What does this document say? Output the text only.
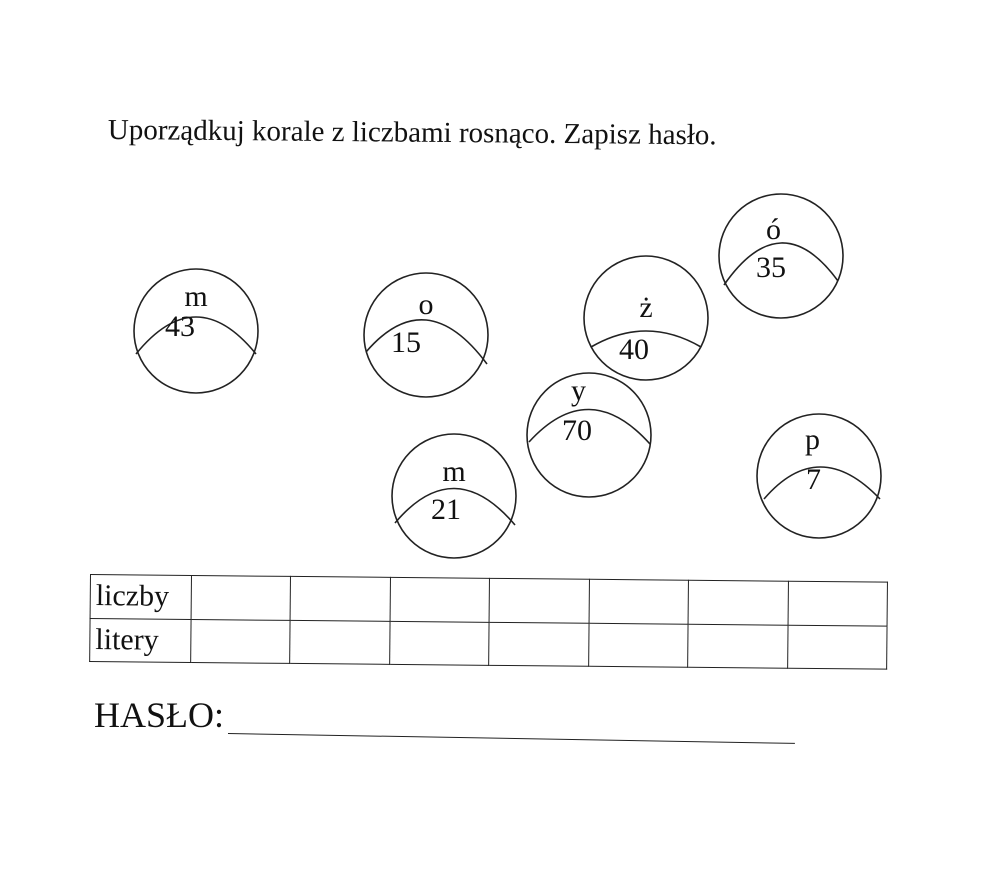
Uporządkuj korale z liczbami rosnąco. Zapisz hasło.
m
43
o
15
ż
40
ó
35
y
70
m
21
p
7
liczby							
litery							
HASŁO:
